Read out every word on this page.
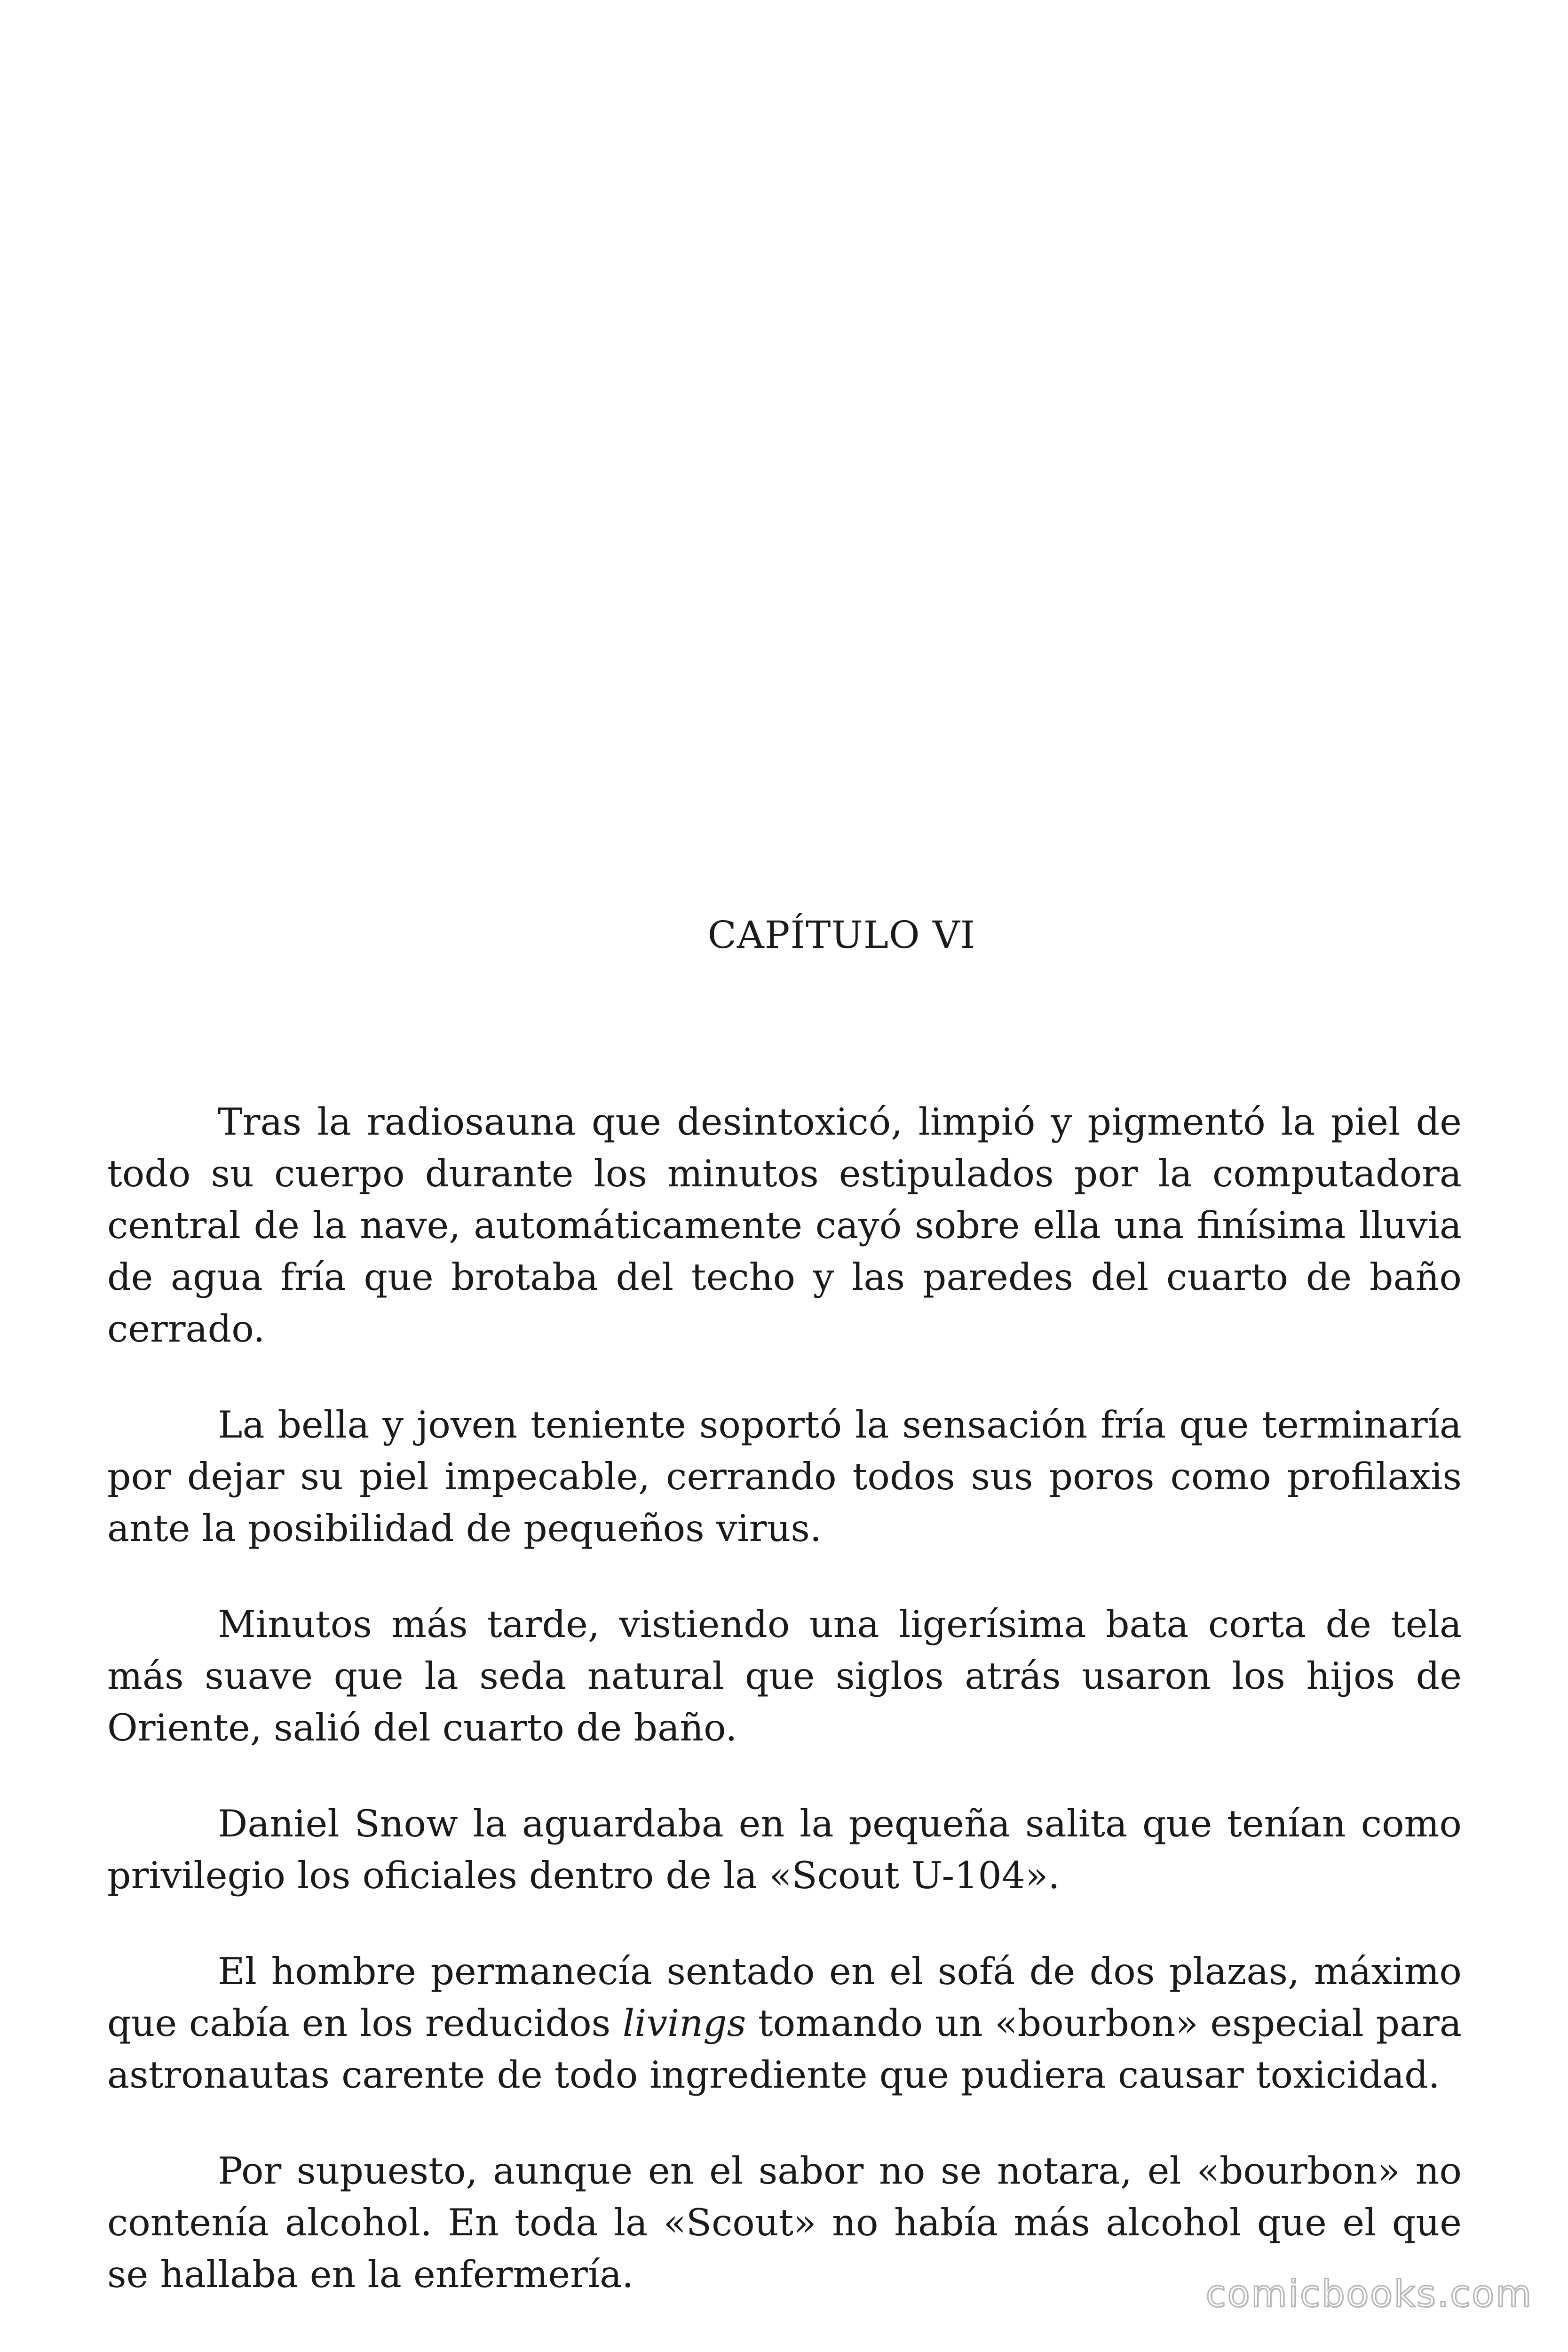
CAPÍTULO VI

Tras la radiosauna que desintoxicó, limpió y pigmentó la piel de todo su cuerpo durante los minutos estipulados por la computadora central de la nave, automáticamente cayó sobre ella una finísima lluvia de agua fría que brotaba del techo y las paredes del cuarto de baño cerrado.

La bella y joven teniente soportó la sensación fría que terminaría por dejar su piel impecable, cerrando todos sus poros como profilaxis ante la posibilidad de pequeños virus.

Minutos más tarde, vistiendo una ligerísima bata corta de tela más suave que la seda natural que siglos atrás usaron los hijos de Oriente, salió del cuarto de baño.

Daniel Snow la aguardaba en la pequeña salita que tenían como privilegio los oficiales dentro de la «Scout U-104».

El hombre permanecía sentado en el sofá de dos plazas, máximo que cabía en los reducidos livings tomando un «bourbon» especial para astronautas carente de todo ingrediente que pudiera causar toxicidad.

Por supuesto, aunque en el sabor no se notara, el «bourbon» no contenía alcohol. En toda la «Scout» no había más alcohol que el que se hallaba en la enfermería.	comicbooks.com
